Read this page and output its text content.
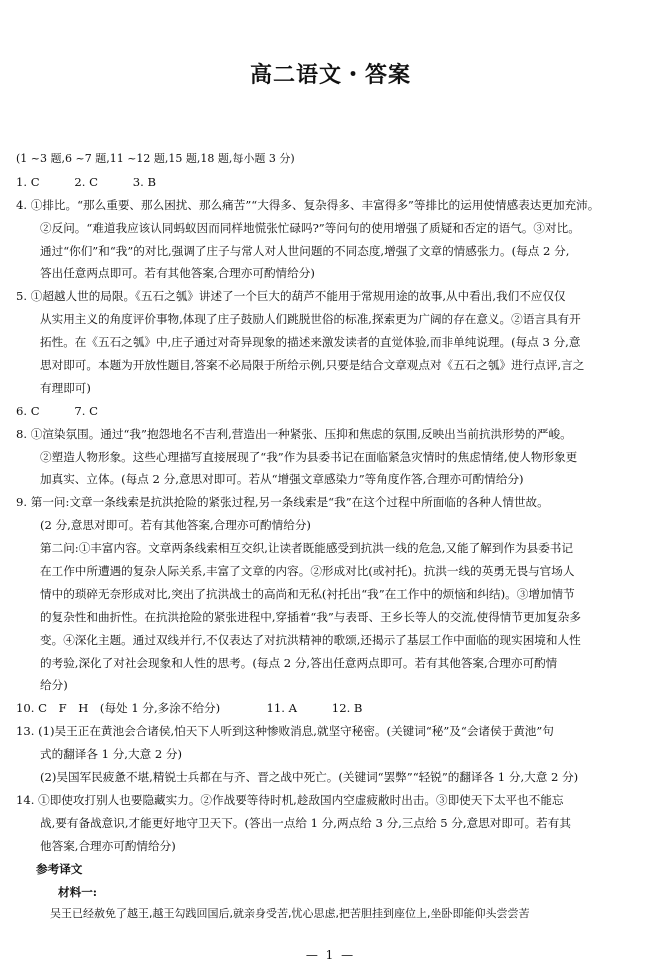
高二语文・答案
(1 ~3 题,6 ~7 题,11 ~12 题,15 题,18 题,每小题 3 分)
1. C　　　2. C　　　3. B
4. ①排比。“那么重要、那么困扰、那么痛苦”“大得多、复杂得多、丰富得多”等排比的运用使情感表达更加充沛。
②反问。“难道我应该认同蚂蚁因而同样地慌张忙碌吗?”等问句的使用增强了质疑和否定的语气。③对比。
通过“你们”和“我”的对比,强调了庄子与常人对人世问题的不同态度,增强了文章的情感张力。(每点 2 分,
答出任意两点即可。若有其他答案,合理亦可酌情给分)
5. ①超越人世的局限。《五石之瓠》讲述了一个巨大的葫芦不能用于常规用途的故事,从中看出,我们不应仅仅
从实用主义的角度评价事物,体现了庄子鼓励人们跳脱世俗的标准,探索更为广阔的存在意义。②语言具有开
拓性。在《五石之瓠》中,庄子通过对奇异现象的描述来激发读者的直觉体验,而非单纯说理。(每点 3 分,意
思对即可。本题为开放性题目,答案不必局限于所给示例,只要是结合文章观点对《五石之瓠》进行点评,言之
有理即可)
6. C　　　7. C
8. ①渲染氛围。通过“我”抱怨地名不吉利,营造出一种紧张、压抑和焦虑的氛围,反映出当前抗洪形势的严峻。
②塑造人物形象。这些心理描写直接展现了“我”作为县委书记在面临紧急灾情时的焦虑情绪,使人物形象更
加真实、立体。(每点 2 分,意思对即可。若从“增强文章感染力”等角度作答,合理亦可酌情给分)
9. 第一问:文章一条线索是抗洪抢险的紧张过程,另一条线索是“我”在这个过程中所面临的各种人情世故。
(2 分,意思对即可。若有其他答案,合理亦可酌情给分)
第二问:①丰富内容。文章两条线索相互交织,让读者既能感受到抗洪一线的危急,又能了解到作为县委书记
在工作中所遭遇的复杂人际关系,丰富了文章的内容。②形成对比(或衬托)。抗洪一线的英勇无畏与官场人
情中的琐碎无奈形成对比,突出了抗洪战士的高尚和无私(衬托出“我”在工作中的烦恼和纠结)。③增加情节
的复杂性和曲折性。在抗洪抢险的紧张进程中,穿插着“我”与表哥、王乡长等人的交流,使得情节更加复杂多
变。④深化主题。通过双线并行,不仅表达了对抗洪精神的歌颂,还揭示了基层工作中面临的现实困境和人性
的考验,深化了对社会现象和人性的思考。(每点 2 分,答出任意两点即可。若有其他答案,合理亦可酌情
给分)
10. C　F　H　(每处 1 分,多涂不给分)　　　　11. A　　　12. B
13. (1)吴王正在黄池会合诸侯,怕天下人听到这种惨败消息,就坚守秘密。(关键词“秘”及“会诸侯于黄池”句
式的翻译各 1 分,大意 2 分)
(2)吴国军民疲惫不堪,精锐士兵都在与齐、晋之战中死亡。(关键词“罢弊”“轻锐”的翻译各 1 分,大意 2 分)
14. ①即使攻打别人也要隐藏实力。②作战要等待时机,趁敌国内空虚疲敝时出击。③即使天下太平也不能忘
战,要有备战意识,才能更好地守卫天下。(答出一点给 1 分,两点给 3 分,三点给 5 分,意思对即可。若有其
他答案,合理亦可酌情给分)
参考译文
材料一:
吴王已经赦免了越王,越王勾践回国后,就亲身受苦,忧心思虑,把苦胆挂到座位上,坐卧即能仰头尝尝苦
— 1 —
